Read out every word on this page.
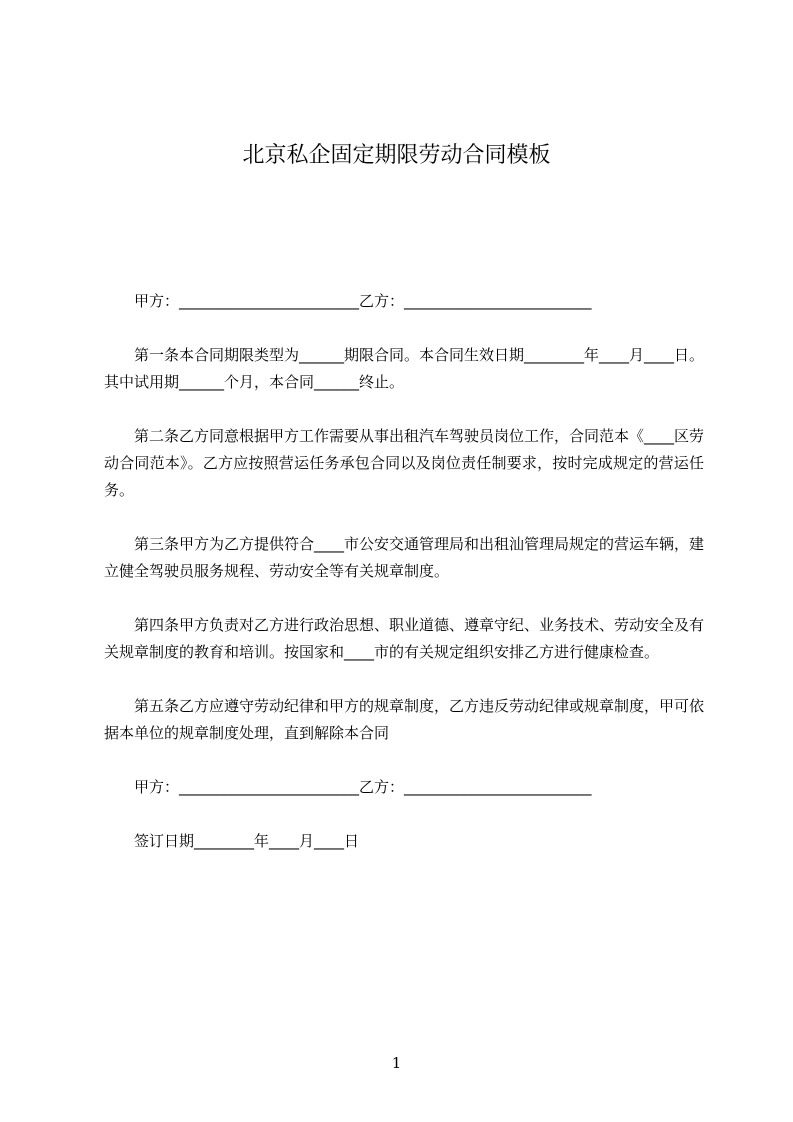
北京私企固定期限劳动合同模板

甲方：________________________乙方：_________________________

第一条本合同期限类型为______期限合同。本合同生效日期________年____月____日。其中试用期______个月，本合同______终止。

第二条乙方同意根据甲方工作需要从事出租汽车驾驶员岗位工作，合同范本《____区劳动合同范本》。乙方应按照营运任务承包合同以及岗位责任制要求，按时完成规定的营运任务。

第三条甲方为乙方提供符合____市公安交通管理局和出租汕管理局规定的营运车辆，建立健全驾驶员服务规程、劳动安全等有关规章制度。

第四条甲方负责对乙方进行政治思想、职业道德、遵章守纪、业务技术、劳动安全及有关规章制度的教育和培训。按国家和____市的有关规定组织安排乙方进行健康检查。

第五条乙方应遵守劳动纪律和甲方的规章制度，乙方违反劳动纪律或规章制度，甲可依据本单位的规章制度处理，直到解除本合同

甲方：________________________乙方：_________________________

签订日期________年____月____日

1
